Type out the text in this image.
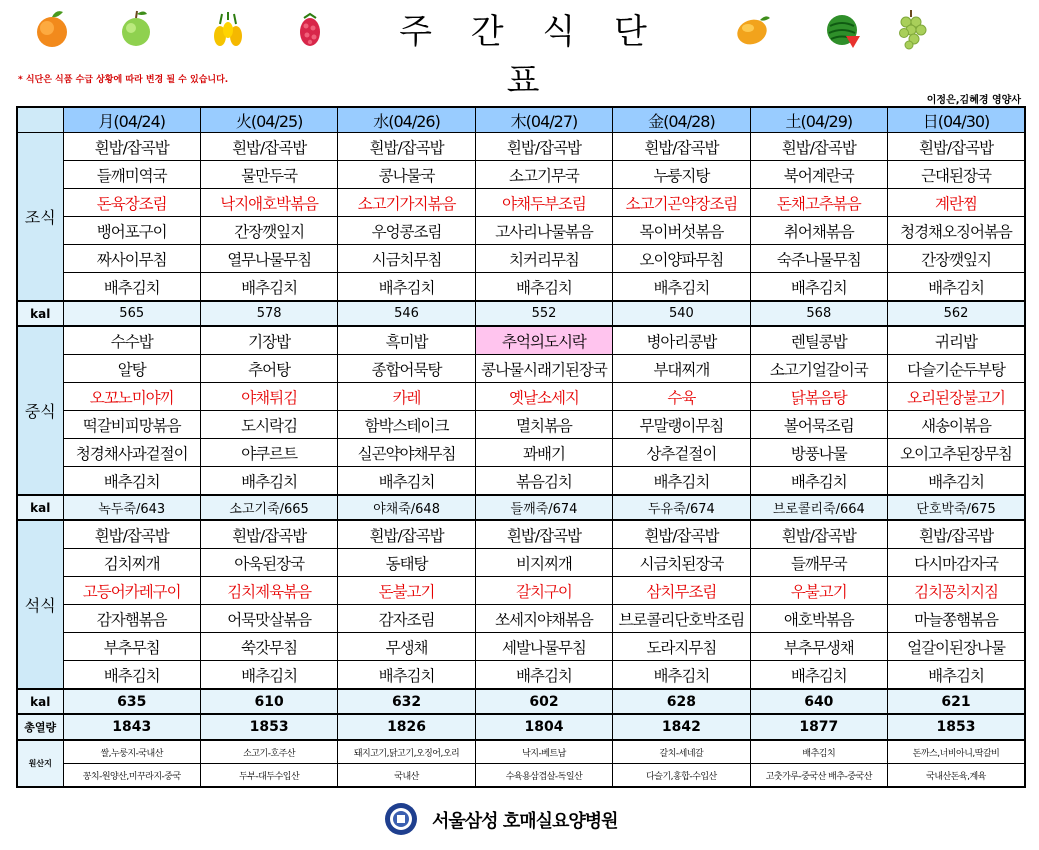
주 간 식 단 표
* 식단은 식품 수급 상황에 따라 변경 될 수 있습니다.
이정은,김혜경 영양사
	月(04/24)	火(04/25)	水(04/26)	木(04/27)	金(04/28)	土(04/29)	日(04/30)
조식	흰밥/잡곡밥	흰밥/잡곡밥	흰밥/잡곡밥	흰밥/잡곡밥	흰밥/잡곡밥	흰밥/잡곡밥	흰밥/잡곡밥
	들깨미역국	물만두국	콩나물국	소고기무국	누룽지탕	북어계란국	근대된장국
	돈육장조림	낙지애호박볶음	소고기가지볶음	야채두부조림	소고기곤약장조림	돈채고추볶음	계란찜
	뱅어포구이	간장깻잎지	우엉콩조림	고사리나물볶음	목이버섯볶음	취어채볶음	청경채오징어볶음
	짜사이무침	열무나물무침	시금치무침	치커리무침	오이양파무침	숙주나물무침	간장깻잎지
	배추김치	배추김치	배추김치	배추김치	배추김치	배추김치	배추김치
kal	565	578	546	552	540	568	562
중식	수수밥	기장밥	흑미밥	추억의도시락	병아리콩밥	렌틸콩밥	귀리밥
	알탕	추어탕	종합어묵탕	콩나물시래기된장국	부대찌개	소고기얼갈이국	다슬기순두부탕
	오꼬노미야끼	야채튀김	카레	옛날소세지	수육	닭볶음탕	오리된장불고기
	떡갈비피망볶음	도시락김	함박스테이크	멸치볶음	무말랭이무침	볼어묵조림	새송이볶음
	청경채사과겉절이	야쿠르트	실곤약야채무침	꽈배기	상추겉절이	방풍나물	오이고추된장무침
	배추김치	배추김치	배추김치	볶음김치	배추김치	배추김치	배추김치
kal	녹두죽/643	소고기죽/665	야채죽/648	들깨죽/674	두유죽/674	브로콜리죽/664	단호박죽/675
석식	흰밥/잡곡밥	흰밥/잡곡밥	흰밥/잡곡밥	흰밥/잡곡밥	흰밥/잡곡밥	흰밥/잡곡밥	흰밥/잡곡밥
	김치찌개	아욱된장국	동태탕	비지찌개	시금치된장국	들깨무국	다시마감자국
	고등어카레구이	김치제육볶음	돈불고기	갈치구이	삼치무조림	우불고기	김치꽁치지짐
	감자햄볶음	어묵맛살볶음	감자조림	쏘세지야채볶음	브로콜리단호박조림	애호박볶음	마늘쫑햄볶음
	부추무침	쑥갓무침	무생채	세발나물무침	도라지무침	부추무생채	얼갈이된장나물
	배추김치	배추김치	배추김치	배추김치	배추김치	배추김치	배추김치
kal	635	610	632	602	628	640	621
총열량	1843	1853	1826	1804	1842	1877	1853
원산지	쌀,누룽지-국내산	소고기-호주산	돼지고기,닭고기,오징어,오리	낙지-베트남	갈치-세네갈	배추김치	돈까스,너비아니,딱갈비
	꽁치-원양산,미꾸라지-중국	두부-대두수입산	국내산	수육용삼겹살-독일산	다슬기,홍합-수입산	고춧가루-중국산 배추-중국산	국내산돈육,계육
서울삼성 호매실요양병원
